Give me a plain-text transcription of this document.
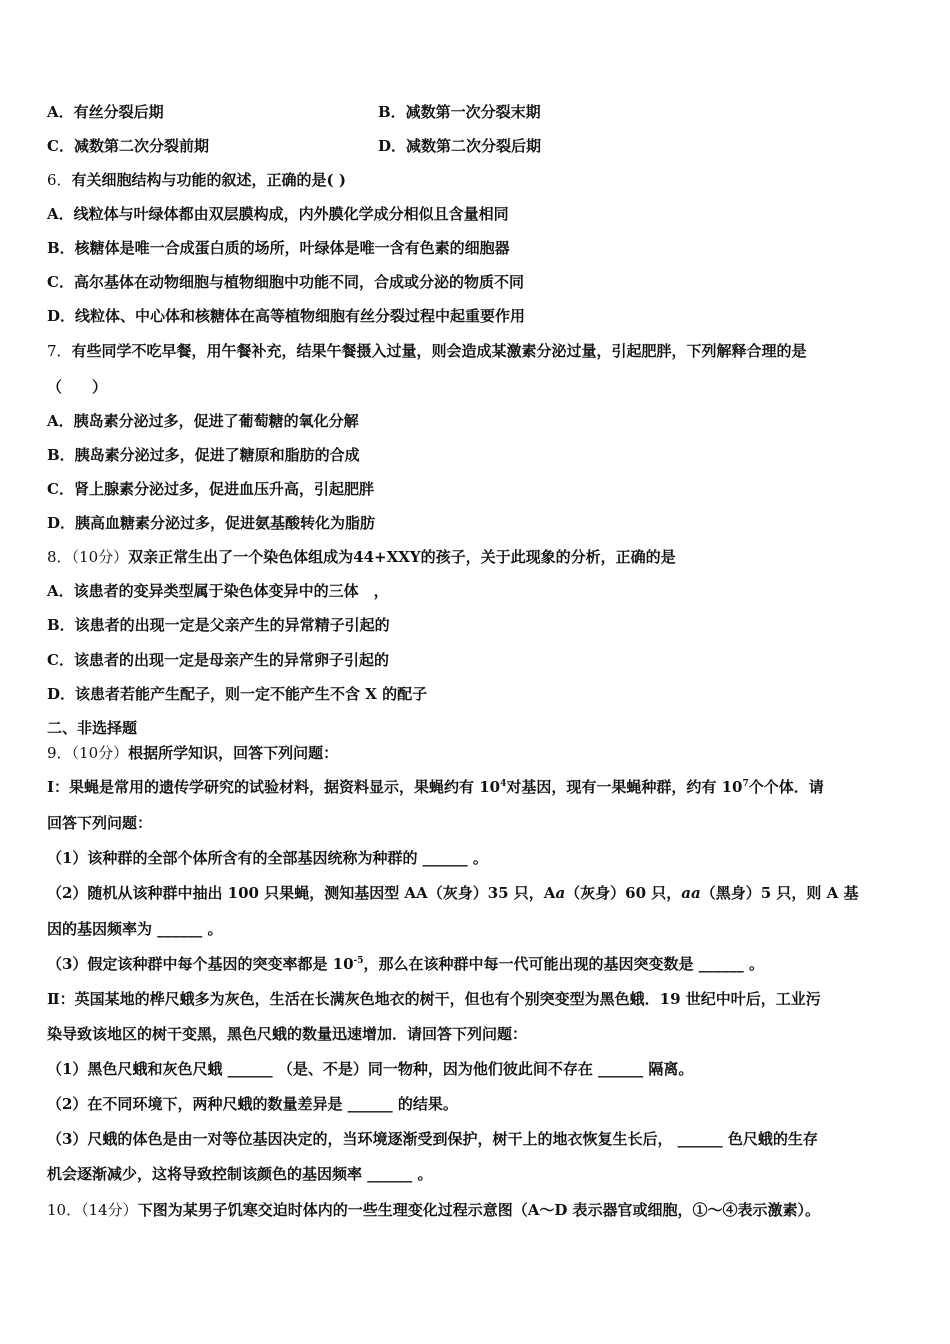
A．有丝分裂后期	B．减数第一次分裂末期
C．减数第二次分裂前期	D．减数第二次分裂后期
6．有关细胞结构与功能的叙述，正确的是( )
A．线粒体与叶绿体都由双层膜构成，内外膜化学成分相似且含量相同
B．核糖体是唯一合成蛋白质的场所，叶绿体是唯一含有色素的细胞器
C．高尔基体在动物细胞与植物细胞中功能不同，合成或分泌的物质不同
D．线粒体、中心体和核糖体在高等植物细胞有丝分裂过程中起重要作用
7．有些同学不吃早餐，用午餐补充，结果午餐摄入过量，则会造成某激素分泌过量，引起肥胖，下列解释合理的是
（　　）
A．胰岛素分泌过多，促进了葡萄糖的氧化分解
B．胰岛素分泌过多，促进了糖原和脂肪的合成
C．肾上腺素分泌过多，促进血压升高，引起肥胖
D．胰高血糖素分泌过多，促进氨基酸转化为脂肪
8．（10分）双亲正常生出了一个染色体组成为44+XXY的孩子，关于此现象的分析，正确的是
A．该患者的变异类型属于染色体变异中的三体　，
B．该患者的出现一定是父亲产生的异常精子引起的
C．该患者的出现一定是母亲产生的异常卵子引起的
D．该患者若能产生配子，则一定不能产生不含 X 的配子
二、非选择题
9．（10分）根据所学知识，回答下列问题：
Ⅰ：果蝇是常用的遗传学研究的试验材料，据资料显示，果蝇约有 $10^4$对基因，现有一果蝇种群，约有 $10^7$个个体．请
回答下列问题：
（1）该种群的全部个体所含有的全部基因统称为种群的 ______ 。
（2）随机从该种群中抽出 100 只果蝇，测知基因型 AA（灰身）35 只，Aa（灰身）60 只，aa（黑身）5 只，则 A 基
因的基因频率为 ______ 。
（3）假定该种群中每个基因的突变率都是 $10^{-5}$，那么在该种群中每一代可能出现的基因突变数是 ______ 。
Ⅱ：英国某地的桦尺蛾多为灰色，生活在长满灰色地衣的树干，但也有个别突变型为黑色蛾．19 世纪中叶后，工业污
染导致该地区的树干变黑，黑色尺蛾的数量迅速增加．请回答下列问题：
（1）黑色尺蛾和灰色尺蛾 ______ （是、不是）同一物种，因为他们彼此间不存在 ______ 隔离。
（2）在不同环境下，两种尺蛾的数量差异是 ______ 的结果。
（3）尺蛾的体色是由一对等位基因决定的，当环境逐渐受到保护，树干上的地衣恢复生长后， ______ 色尺蛾的生存
机会逐渐减少，这将导致控制该颜色的基因频率 ______ 。
10．（14分）下图为某男子饥寒交迫时体内的一些生理变化过程示意图（A～D 表示器官或细胞，①～④表示激素）。
